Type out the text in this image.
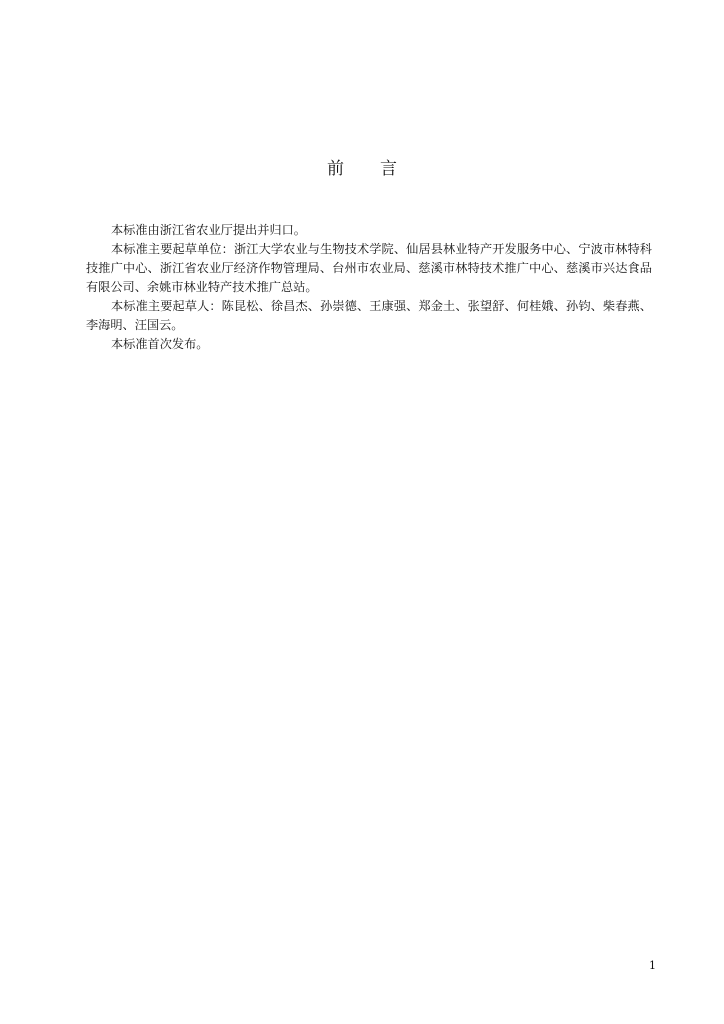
前 言

本标准由浙江省农业厅提出并归口。

本标准主要起草单位：浙江大学农业与生物技术学院、仙居县林业特产开发服务中心、宁波市林特科技推广中心、浙江省农业厅经济作物管理局、台州市农业局、慈溪市林特技术推广中心、慈溪市兴达食品有限公司、余姚市林业特产技术推广总站。

本标准主要起草人：陈昆松、徐昌杰、孙崇德、王康强、郑金土、张望舒、何桂娥、孙钧、柴春燕、李海明、汪国云。

本标准首次发布。

1
